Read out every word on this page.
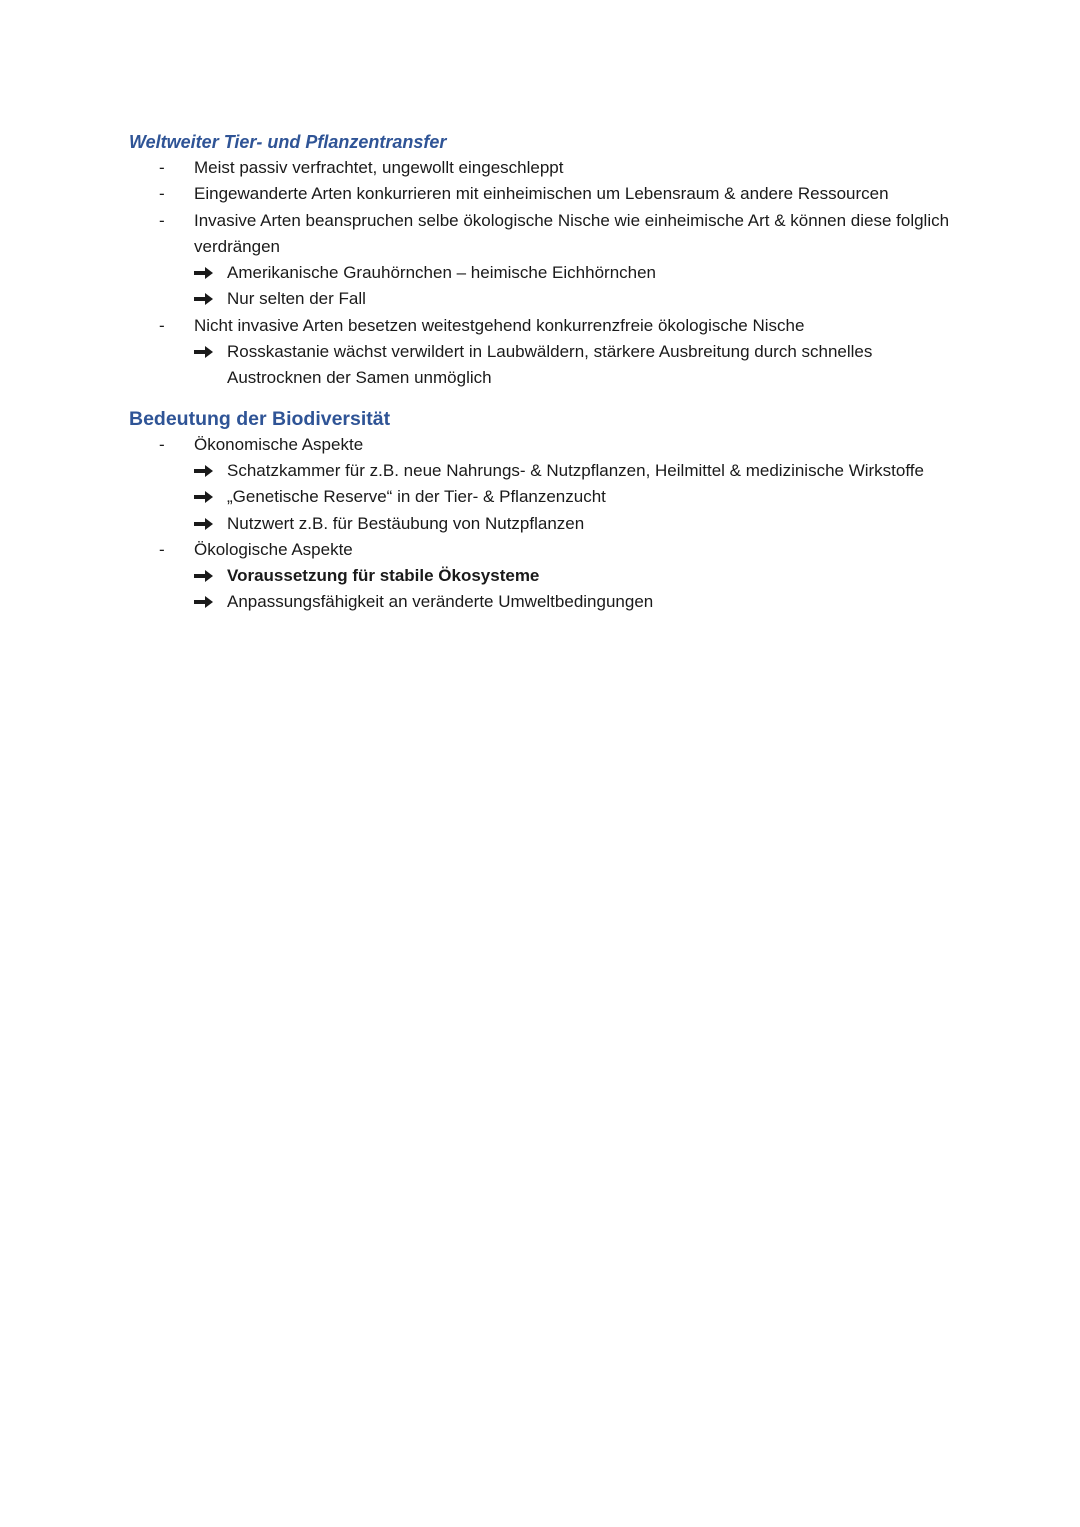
Weltweiter Tier- und Pflanzentransfer
- Meist passiv verfrachtet, ungewollt eingeschleppt
- Eingewanderte Arten konkurrieren mit einheimischen um Lebensraum & andere Ressourcen
- Invasive Arten beanspruchen selbe ökologische Nische wie einheimische Art & können diese folglich verdrängen
Amerikanische Grauhörnchen – heimische Eichhörnchen
Nur selten der Fall
- Nicht invasive Arten besetzen weitestgehend konkurrenzfreie ökologische Nische
Rosskastanie wächst verwildert in Laubwäldern, stärkere Ausbreitung durch schnelles Austrocknen der Samen unmöglich
Bedeutung der Biodiversität
- Ökonomische Aspekte
Schatzkammer für z.B. neue Nahrungs- & Nutzpflanzen, Heilmittel & medizinische Wirkstoffe
„Genetische Reserve“ in der Tier- & Pflanzenzucht
Nutzwert z.B. für Bestäubung von Nutzpflanzen
- Ökologische Aspekte
Voraussetzung für stabile Ökosysteme
Anpassungsfähigkeit an veränderte Umweltbedingungen
